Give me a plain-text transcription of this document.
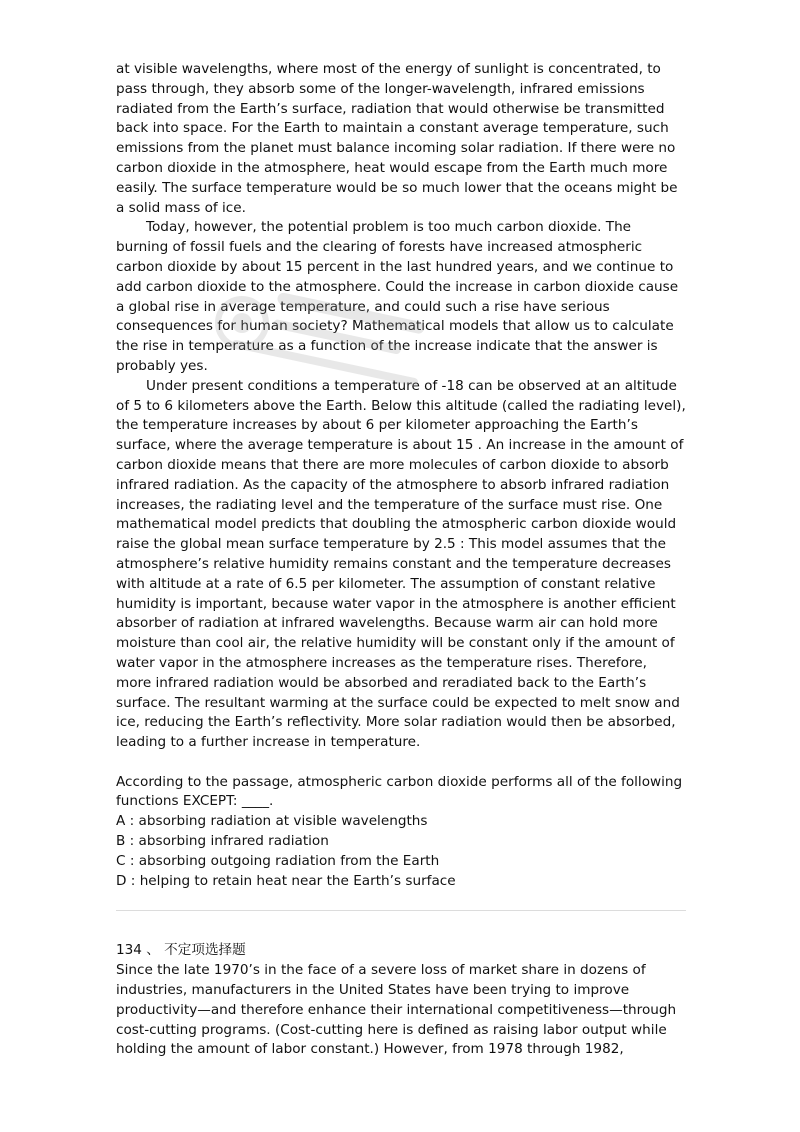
at visible wavelengths, where most of the energy of sunlight is concentrated, to pass through, they absorb some of the longer-wavelength, infrared emissions radiated from the Earth’s surface, radiation that would otherwise be transmitted back into space. For the Earth to maintain a constant average temperature, such emissions from the planet must balance incoming solar radiation. If there were no carbon dioxide in the atmosphere, heat would escape from the Earth much more easily. The surface temperature would be so much lower that the oceans might be a solid mass of ice.

Today, however, the potential problem is too much carbon dioxide. The burning of fossil fuels and the clearing of forests have increased atmospheric carbon dioxide by about 15 percent in the last hundred years, and we continue to add carbon dioxide to the atmosphere. Could the increase in carbon dioxide cause a global rise in average temperature, and could such a rise have serious consequences for human society? Mathematical models that allow us to calculate the rise in temperature as a function of the increase indicate that the answer is probably yes.

Under present conditions a temperature of -18 can be observed at an altitude of 5 to 6 kilometers above the Earth. Below this altitude (called the radiating level), the temperature increases by about 6 per kilometer approaching the Earth’s surface, where the average temperature is about 15 . An increase in the amount of carbon dioxide means that there are more molecules of carbon dioxide to absorb infrared radiation. As the capacity of the atmosphere to absorb infrared radiation increases, the radiating level and the temperature of the surface must rise. One mathematical model predicts that doubling the atmospheric carbon dioxide would raise the global mean surface temperature by 2.5 : This model assumes that the atmosphere’s relative humidity remains constant and the temperature decreases with altitude at a rate of 6.5 per kilometer. The assumption of constant relative humidity is important, because water vapor in the atmosphere is another efficient absorber of radiation at infrared wavelengths. Because warm air can hold more moisture than cool air, the relative humidity will be constant only if the amount of water vapor in the atmosphere increases as the temperature rises. Therefore, more infrared radiation would be absorbed and reradiated back to the Earth’s surface. The resultant warming at the surface could be expected to melt snow and ice, reducing the Earth’s reflectivity. More solar radiation would then be absorbed, leading to a further increase in temperature.

According to the passage, atmospheric carbon dioxide performs all of the following functions EXCEPT: ____.

A : absorbing radiation at visible wavelengths

B : absorbing infrared radiation

C : absorbing outgoing radiation from the Earth

D : helping to retain heat near the Earth’s surface

134 、 不定项选择题

Since the late 1970’s in the face of a severe loss of market share in dozens of industries, manufacturers in the United States have been trying to improve productivity—and therefore enhance their international competitiveness—through cost-cutting programs. (Cost-cutting here is defined as raising labor output while holding the amount of labor constant.) However, from 1978 through 1982,
